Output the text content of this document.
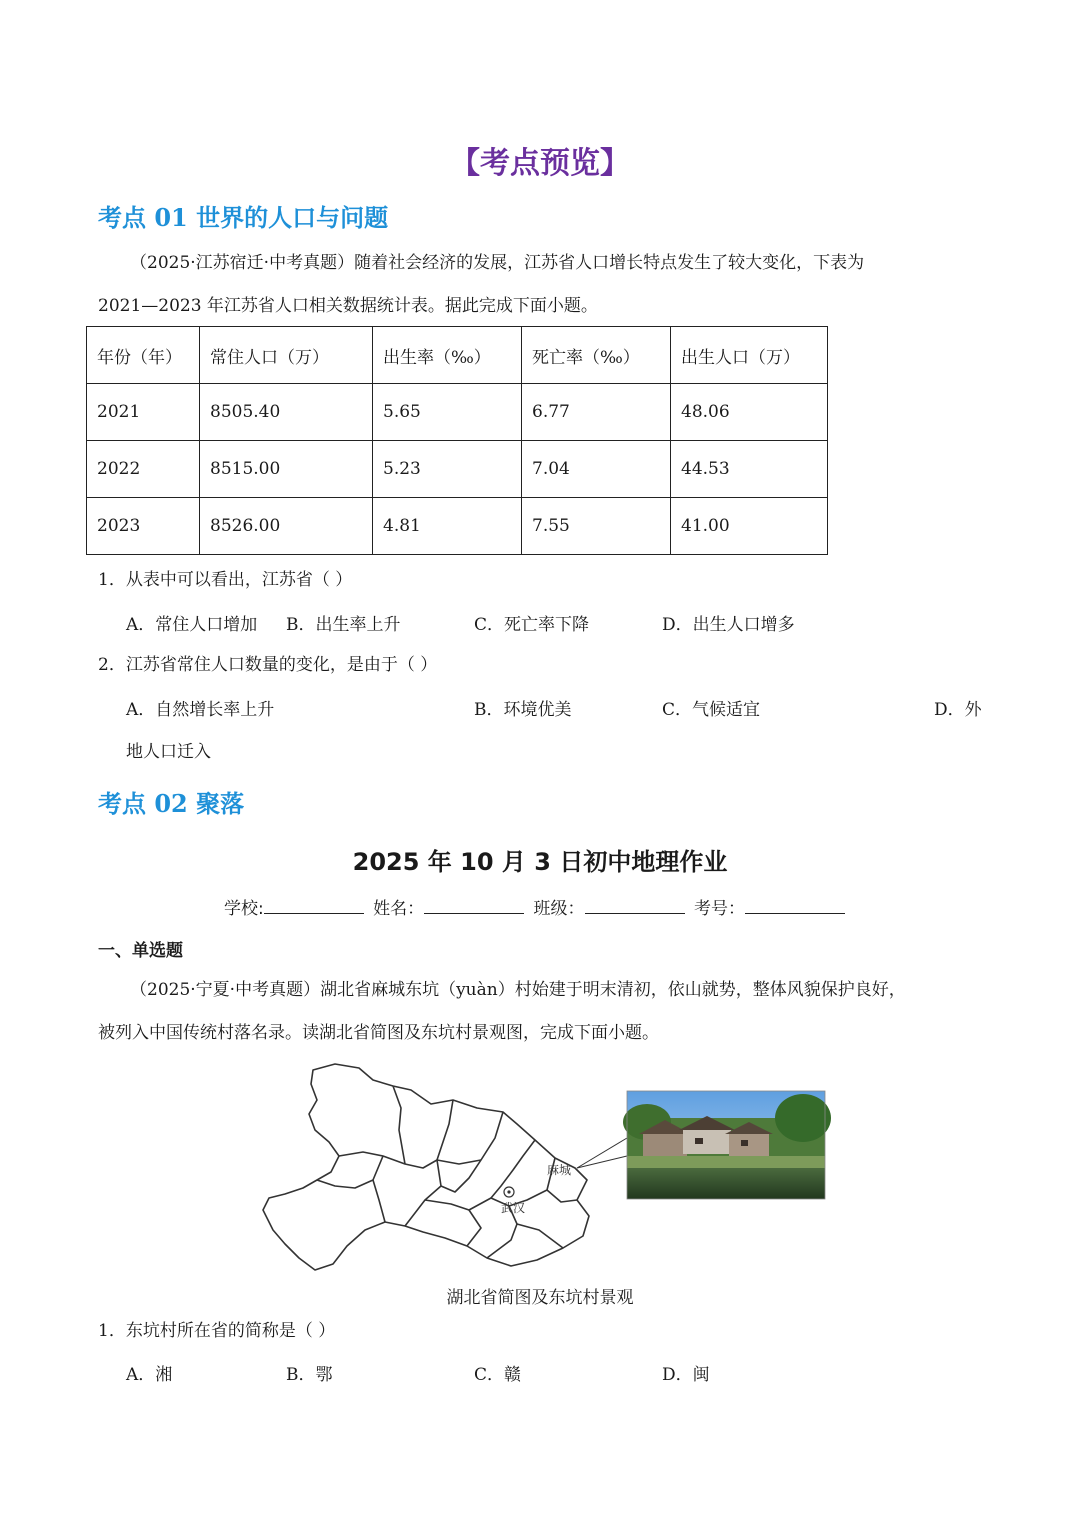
【考点预览】
考点 01 世界的人口与问题
（2025·江苏宿迁·中考真题）随着社会经济的发展，江苏省人口增长特点发生了较大变化，下表为
2021—2023 年江苏省人口相关数据统计表。据此完成下面小题。
年份（年）	常住人口（万）	出生率（‰）	死亡率（‰）	出生人口（万）
2021	8505.40	5.65	6.77	48.06
2022	8515.00	5.23	7.04	44.53
2023	8526.00	4.81	7.55	41.00
1．从表中可以看出，江苏省（ ）
A．常住人口增加 B．出生率上升	C．死亡率下降	D．出生人口增多
2．江苏省常住人口数量的变化，是由于（ ）
A．自然增长率上升	B．环境优美	C．气候适宜	D．外
地人口迁入
考点 02 聚落
2025 年 10 月 3 日初中地理作业
学校:	姓名：	班级：	考号：
一、单选题
（2025·宁夏·中考真题）湖北省麻城东坑（yuàn）村始建于明末清初，依山就势，整体风貌保护良好，
被列入中国传统村落名录。读湖北省简图及东坑村景观图，完成下面小题。
武汉
麻城
湖北省简图及东坑村景观
1．东坑村所在省的简称是（ ）
A．湘	B．鄂	C．赣	D．闽
